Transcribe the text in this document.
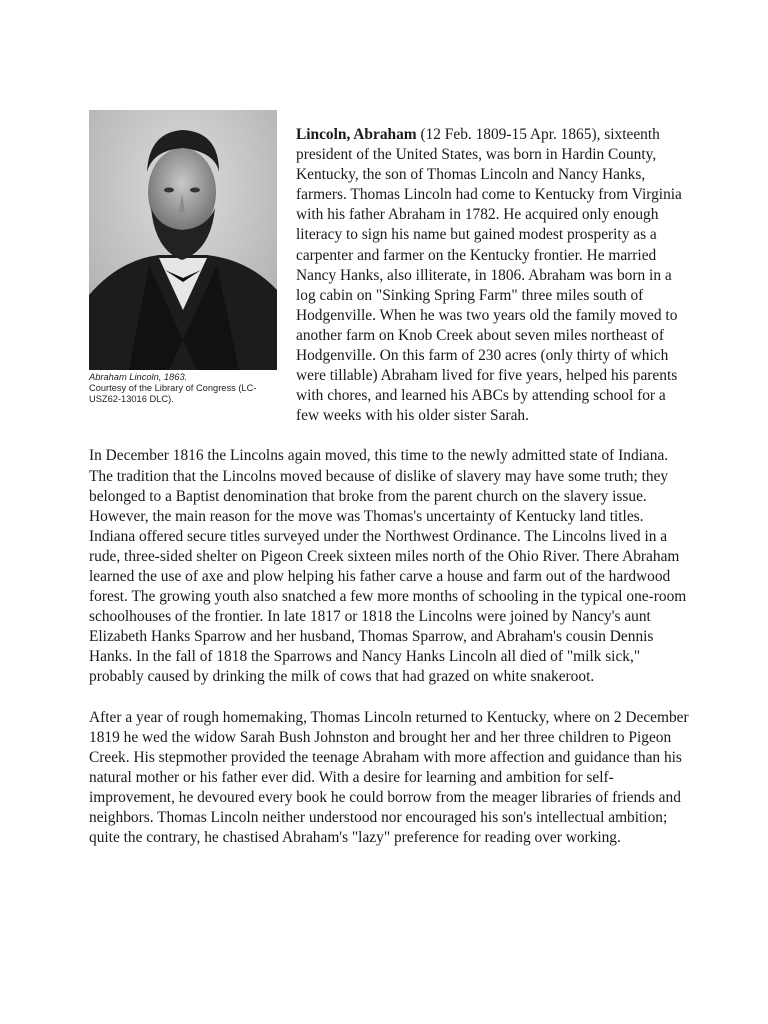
Abraham Lincoln, 1863.
Courtesy of the Library of Congress (LC-USZ62-13016 DLC).

Lincoln, Abraham (12 Feb. 1809-15 Apr. 1865), sixteenth president of the United States, was born in Hardin County, Kentucky, the son of Thomas Lincoln and Nancy Hanks, farmers. Thomas Lincoln had come to Kentucky from Virginia with his father Abraham in 1782. He acquired only enough literacy to sign his name but gained modest prosperity as a carpenter and farmer on the Kentucky frontier. He married Nancy Hanks, also illiterate, in 1806. Abraham was born in a log cabin on "Sinking Spring Farm" three miles south of Hodgenville. When he was two years old the family moved to another farm on Knob Creek about seven miles northeast of Hodgenville. On this farm of 230 acres (only thirty of which were tillable) Abraham lived for five years, helped his parents with chores, and learned his ABCs by attending school for a few weeks with his older sister Sarah.

In December 1816 the Lincolns again moved, this time to the newly admitted state of Indiana. The tradition that the Lincolns moved because of dislike of slavery may have some truth; they belonged to a Baptist denomination that broke from the parent church on the slavery issue. However, the main reason for the move was Thomas's uncertainty of Kentucky land titles. Indiana offered secure titles surveyed under the Northwest Ordinance. The Lincolns lived in a rude, three-sided shelter on Pigeon Creek sixteen miles north of the Ohio River. There Abraham learned the use of axe and plow helping his father carve a house and farm out of the hardwood forest. The growing youth also snatched a few more months of schooling in the typical one-room schoolhouses of the frontier. In late 1817 or 1818 the Lincolns were joined by Nancy's aunt Elizabeth Hanks Sparrow and her husband, Thomas Sparrow, and Abraham's cousin Dennis Hanks. In the fall of 1818 the Sparrows and Nancy Hanks Lincoln all died of "milk sick," probably caused by drinking the milk of cows that had grazed on white snakeroot.

After a year of rough homemaking, Thomas Lincoln returned to Kentucky, where on 2 December 1819 he wed the widow Sarah Bush Johnston and brought her and her three children to Pigeon Creek. His stepmother provided the teenage Abraham with more affection and guidance than his natural mother or his father ever did. With a desire for learning and ambition for self-improvement, he devoured every book he could borrow from the meager libraries of friends and neighbors. Thomas Lincoln neither understood nor encouraged his son's intellectual ambition; quite the contrary, he chastised Abraham's "lazy" preference for reading over working.
